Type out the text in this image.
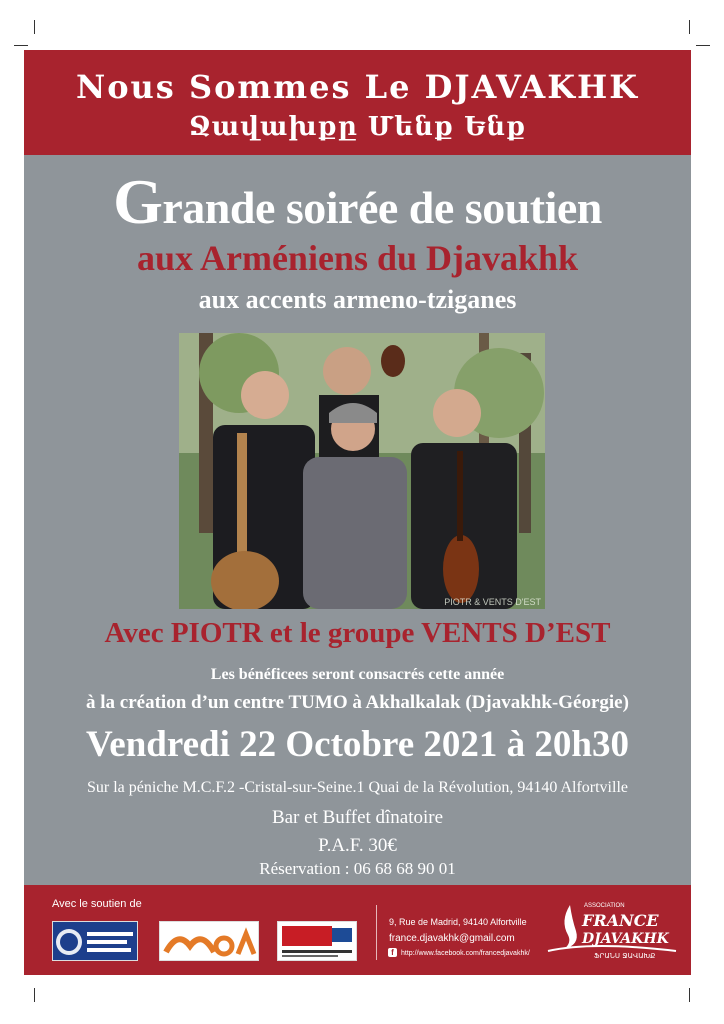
Nous Sommes Le DJAVAKHK
Ջավախքը Մենք Ենք
Grande soirée de soutien
aux Arméniens du Djavakhk
aux accents armeno-tziganes
PIOTR & VENTS D'EST
Avec PIOTR et le groupe VENTS D’EST
Les bénéficees seront consacrés cette année
à la création d’un centre TUMO à Akhalkalak (Djavakhk-Géorgie)
Vendredi 22 Octobre 2021 à 20h30
Sur la péniche M.C.F.2 -Cristal-sur-Seine.1 Quai de la Révolution, 94140 Alfortville
Bar et Buffet dînatoire
P.A.F. 30€
Réservation : 06 68 68 90 01
Avec le soutien de
9, Rue de Madrid, 94140 Alfortville
france.djavakhk@gmail.com
f	http://www.facebook.com/francedjavakhk/
ASSOCIATION
FRANCE
DJAVAKHK
ՖՐԱՆՍ ՋԱՎԱԽՔ
